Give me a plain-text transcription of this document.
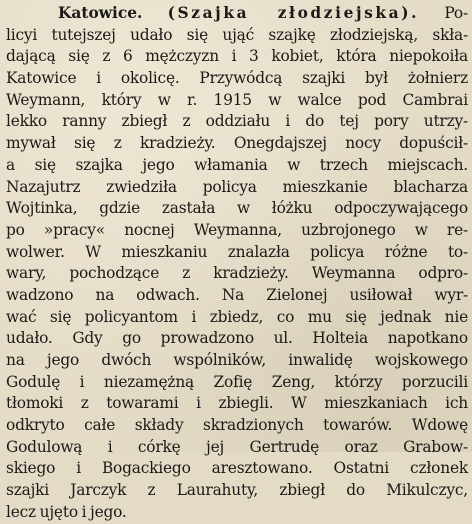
Katowice. (Szajka złodziejska). Po-
licyi tutejszej udało się ująć szajkę złodziejską, skła-
dającą się z 6 mężczyzn i 3 kobiet, która niepokoiła
Katowice i okolicę. Przywódcą szajki był żołnierz
Weymann, który w r. 1915 w walce pod Cambrai
lekko ranny zbiegł z oddziału i do tej pory utrzy-
mywał się z kradzieży. Onegdajszej nocy dopuścił-
a się szajka jego włamania w trzech miejscach.
Nazajutrz zwiedziła policya mieszkanie blacharza
Wojtinka, gdzie zastała w łóżku odpoczywającego
po »pracy« nocnej Weymanna, uzbrojonego w re-
wolwer. W mieszkaniu znalazła policya różne to-
wary, pochodzące z kradzieży. Weymanna odpro-
wadzono na odwach. Na Zielonej usiłował wyr-
wać się policyantom i zbiedz, co mu się jednak nie
udało. Gdy go prowadzono ul. Holteia napotkano
na jego dwóch wspólników, inwalidę wojskowego
Godulę i niezamężną Zofię Zeng, którzy porzucili
tłomoki z towarami i zbiegli. W mieszkaniach ich
odkryto całe składy skradzionych towarów. Wdowę
Godulową i córkę jej Gertrudę oraz Grabow-
skiego i Bogackiego aresztowano. Ostatni członek
szajki Jarczyk z Laurahuty, zbiegł do Mikulczyc,
lecz ujęto i jego.
